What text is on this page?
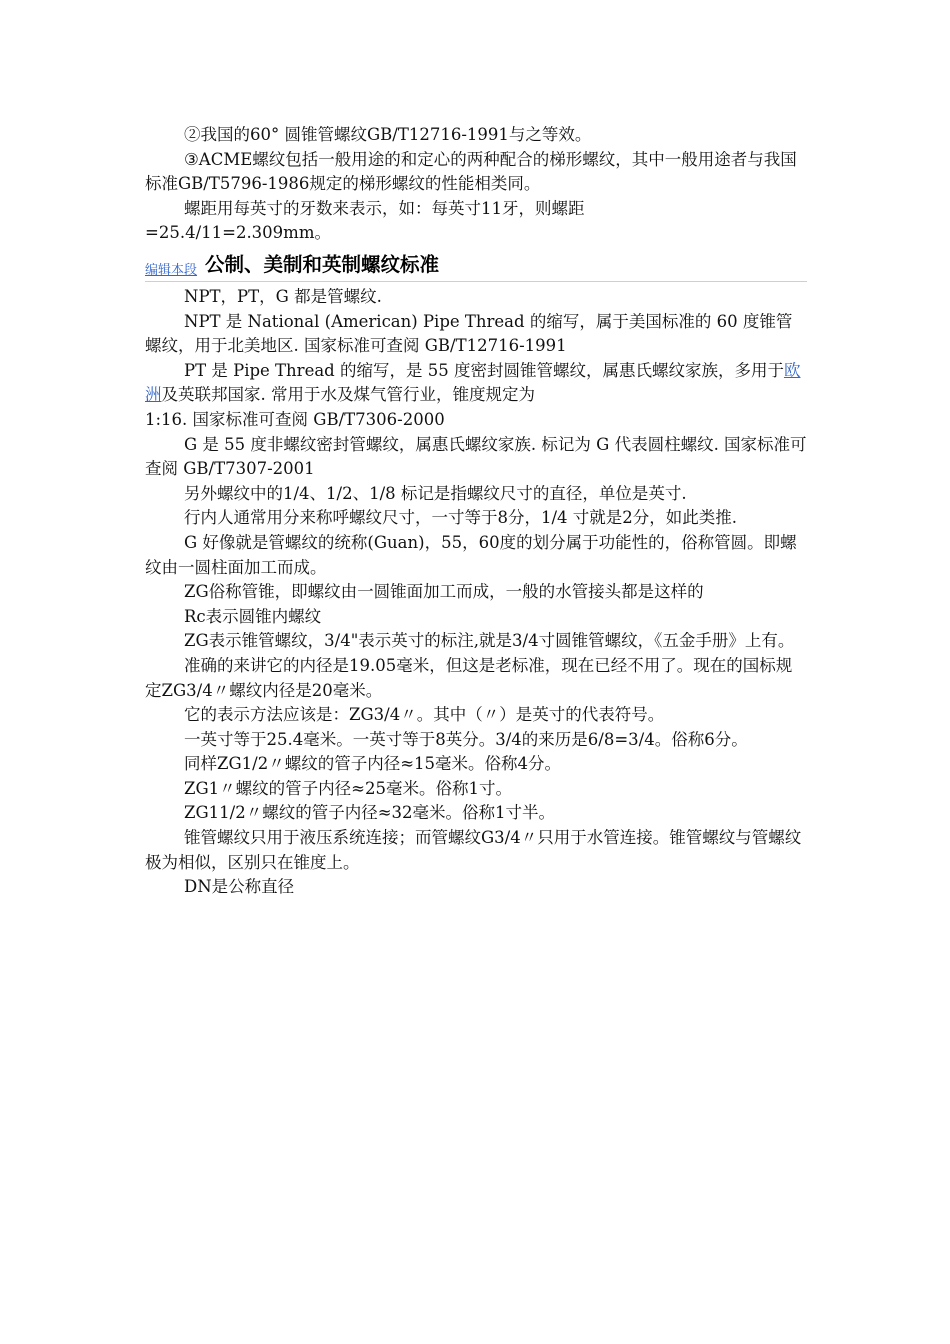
②我国的60° 圆锥管螺纹GB/T12716-1991与之等效。

③ACME螺纹包括一般用途的和定心的两种配合的梯形螺纹，其中一般用途者与我国标准GB/T5796-1986规定的梯形螺纹的性能相类同。

螺距用每英寸的牙数来表示，如：每英寸11牙，则螺距

=25.4/11=2.309mm。

编辑本段 公制、美制和英制螺纹标准

NPT，PT，G 都是管螺纹.

NPT 是 National (American) Pipe Thread 的缩写，属于美国标准的 60 度锥管螺纹，用于北美地区. 国家标准可查阅 GB/T12716-1991

PT 是 Pipe Thread 的缩写，是 55 度密封圆锥管螺纹，属惠氏螺纹家族，多用于欧洲及英联邦国家. 常用于水及煤气管行业，锥度规定为

1:16. 国家标准可查阅 GB/T7306-2000

G 是 55 度非螺纹密封管螺纹，属惠氏螺纹家族. 标记为 G 代表圆柱螺纹. 国家标准可查阅 GB/T7307-2001

另外螺纹中的1/4、1/2、1/8 标记是指螺纹尺寸的直径，单位是英寸.

行内人通常用分来称呼螺纹尺寸，一寸等于8分，1/4 寸就是2分，如此类推.

G 好像就是管螺纹的统称(Guan)，55，60度的划分属于功能性的，俗称管圆。即螺纹由一圆柱面加工而成。

ZG俗称管锥，即螺纹由一圆锥面加工而成，一般的水管接头都是这样的

Rc表示圆锥内螺纹

ZG表示锥管螺纹，3/4"表示英寸的标注,就是3/4寸圆锥管螺纹，《五金手册》上有。

准确的来讲它的内径是19.05毫米，但这是老标准，现在已经不用了。现在的国标规定ZG3/4〃螺纹内径是20毫米。

它的表示方法应该是：ZG3/4〃。其中（〃）是英寸的代表符号。

一英寸等于25.4毫米。一英寸等于8英分。3/4的来历是6/8=3/4。俗称6分。

同样ZG1/2〃螺纹的管子内径≈15毫米。俗称4分。

ZG1〃螺纹的管子内径≈25毫米。俗称1寸。

ZG11/2〃螺纹的管子内径≈32毫米。俗称1寸半。

锥管螺纹只用于液压系统连接；而管螺纹G3/4〃只用于水管连接。锥管螺纹与管螺纹极为相似，区别只在锥度上。

DN是公称直径
